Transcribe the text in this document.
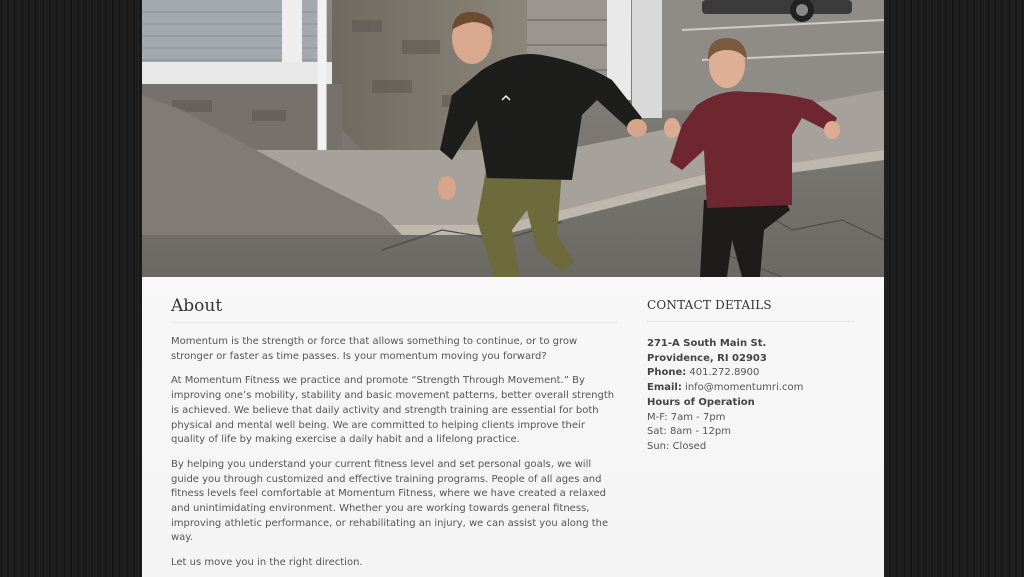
About

Momentum is the strength or force that allows something to continue, or to grow stronger or faster as time passes. Is your momentum moving you forward?

At Momentum Fitness we practice and promote “Strength Through Movement.” By improving one’s mobility, stability and basic movement patterns, better overall strength is achieved. We believe that daily activity and strength training are essential for both physical and mental well being. We are committed to helping clients improve their quality of life by making exercise a daily habit and a lifelong practice.

By helping you understand your current fitness level and set personal goals, we will guide you through customized and effective training programs. People of all ages and fitness levels feel comfortable at Momentum Fitness, where we have created a relaxed and unintimidating environment. Whether you are working towards general fitness, improving athletic performance, or rehabilitating an injury, we can assist you along the way.

Let us move you in the right direction.

CONTACT DETAILS
271-A South Main St.
Providence, RI 02903
Phone: 401.272.8900
Email: info@momentumri.com
Hours of Operation
M-F: 7am - 7pm
Sat: 8am - 12pm
Sun: Closed
